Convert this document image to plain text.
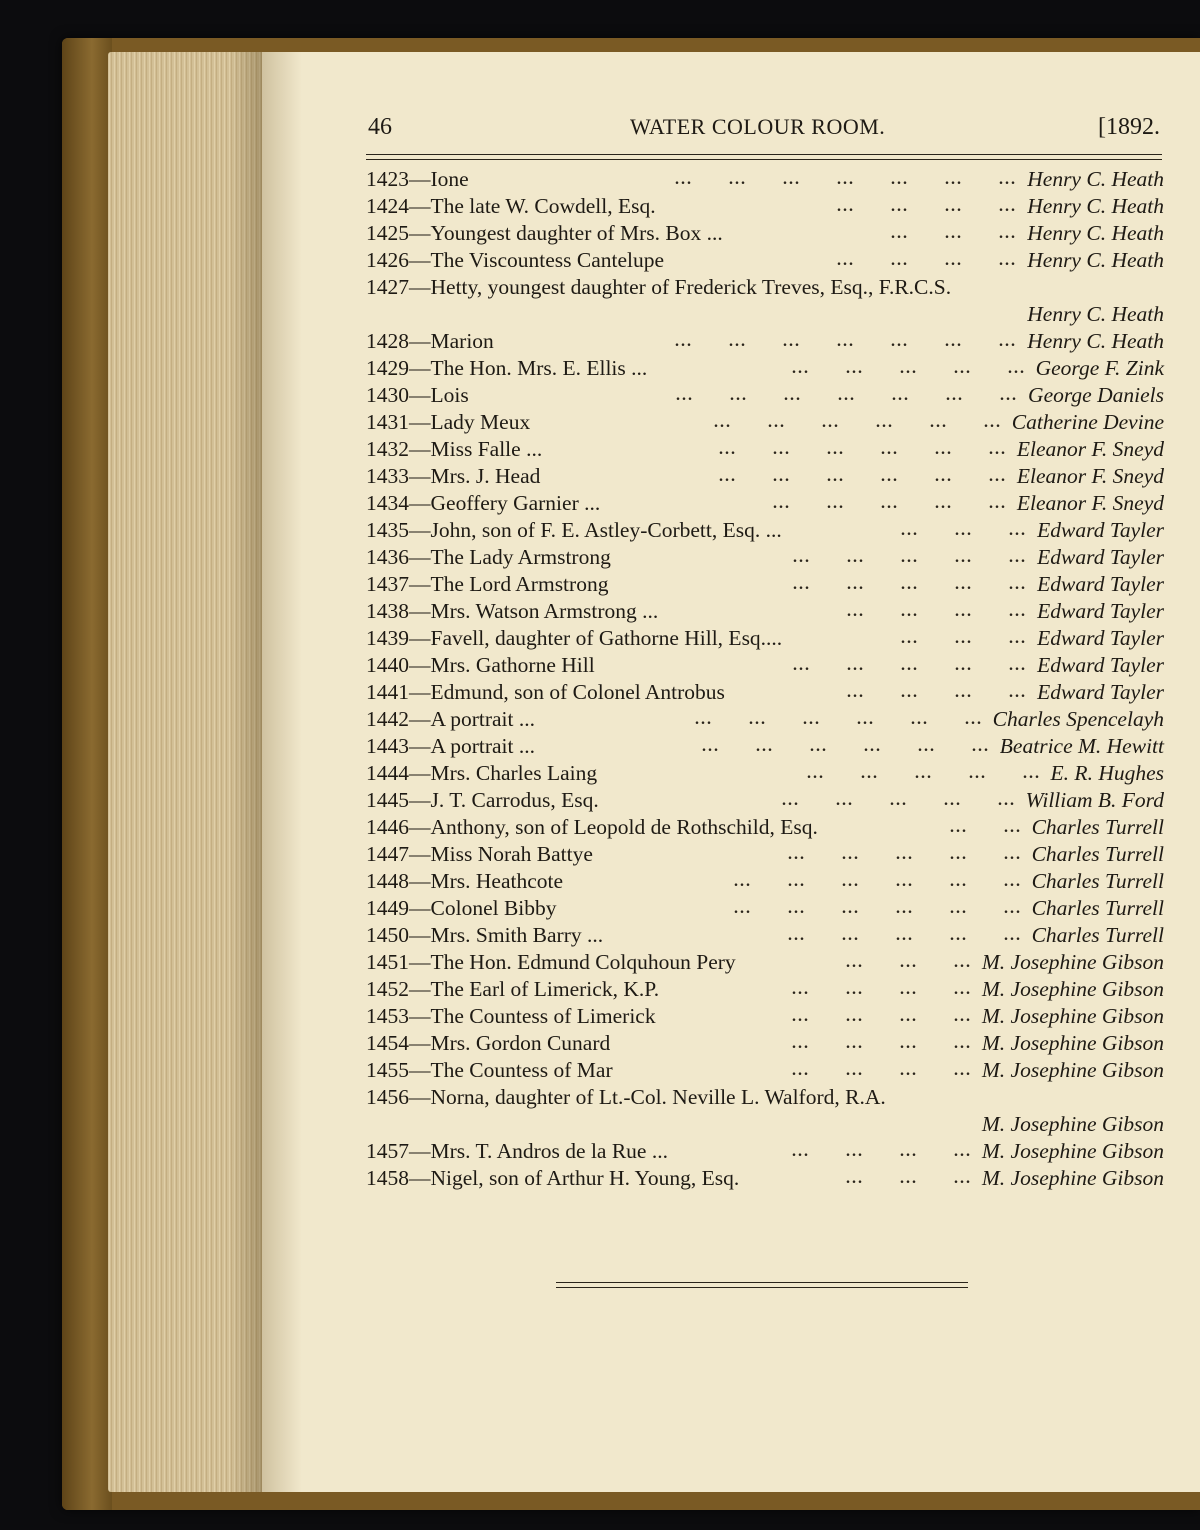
46	WATER COLOUR ROOM.	[1892.
1423—Ione	Henry C. Heath
...  ...  ...  ...  ...  ...  ...
1424—The late W. Cowdell, Esq.	Henry C. Heath
...  ...  ...  ...
1425—Youngest daughter of Mrs. Box ...	Henry C. Heath
...  ...  ...
1426—The Viscountess Cantelupe	Henry C. Heath
...  ...  ...  ...
1427—Hetty, youngest daughter of Frederick Treves, Esq., F.R.C.S.
Henry C. Heath
1428—Marion	Henry C. Heath
...  ...  ...  ...  ...  ...  ...
1429—The Hon. Mrs. E. Ellis ...	George F. Zink
...  ...  ...  ...  ...
1430—Lois	George Daniels
...  ...  ...  ...  ...  ...  ...
1431—Lady Meux	Catherine Devine
...  ...  ...  ...  ...  ...
1432—Miss Falle ...	Eleanor F. Sneyd
...  ...  ...  ...  ...  ...
1433—Mrs. J. Head	Eleanor F. Sneyd
...  ...  ...  ...  ...  ...
1434—Geoffery Garnier ...	Eleanor F. Sneyd
...  ...  ...  ...  ...
1435—John, son of F. E. Astley-Corbett, Esq. ...	Edward Tayler
...  ...  ...
1436—The Lady Armstrong	Edward Tayler
...  ...  ...  ...  ...
1437—The Lord Armstrong	Edward Tayler
...  ...  ...  ...  ...
1438—Mrs. Watson Armstrong ...	Edward Tayler
...  ...  ...  ...
1439—Favell, daughter of Gathorne Hill, Esq....	Edward Tayler
...  ...  ...
1440—Mrs. Gathorne Hill	Edward Tayler
...  ...  ...  ...  ...
1441—Edmund, son of Colonel Antrobus	Edward Tayler
...  ...  ...  ...
1442—A portrait ...	Charles Spencelayh
...  ...  ...  ...  ...  ...
1443—A portrait ...	Beatrice M. Hewitt
...  ...  ...  ...  ...  ...
1444—Mrs. Charles Laing	E. R. Hughes
...  ...  ...  ...  ...
1445—J. T. Carrodus, Esq.	William B. Ford
...  ...  ...  ...  ...
1446—Anthony, son of Leopold de Rothschild, Esq.	Charles Turrell
...  ...
1447—Miss Norah Battye	Charles Turrell
...  ...  ...  ...  ...
1448—Mrs. Heathcote	Charles Turrell
...  ...  ...  ...  ...  ...
1449—Colonel Bibby	Charles Turrell
...  ...  ...  ...  ...  ...
1450—Mrs. Smith Barry ...	Charles Turrell
...  ...  ...  ...  ...
1451—The Hon. Edmund Colquhoun Pery	M. Josephine Gibson
...  ...  ...
1452—The Earl of Limerick, K.P.	M. Josephine Gibson
...  ...  ...  ...
1453—The Countess of Limerick	M. Josephine Gibson
...  ...  ...  ...
1454—Mrs. Gordon Cunard	M. Josephine Gibson
...  ...  ...  ...
1455—The Countess of Mar	M. Josephine Gibson
...  ...  ...  ...
1456—Norna, daughter of Lt.-Col. Neville L. Walford, R.A.
M. Josephine Gibson
1457—Mrs. T. Andros de la Rue ...	M. Josephine Gibson
...  ...  ...  ...
1458—Nigel, son of Arthur H. Young, Esq.	M. Josephine Gibson
...  ...  ...
